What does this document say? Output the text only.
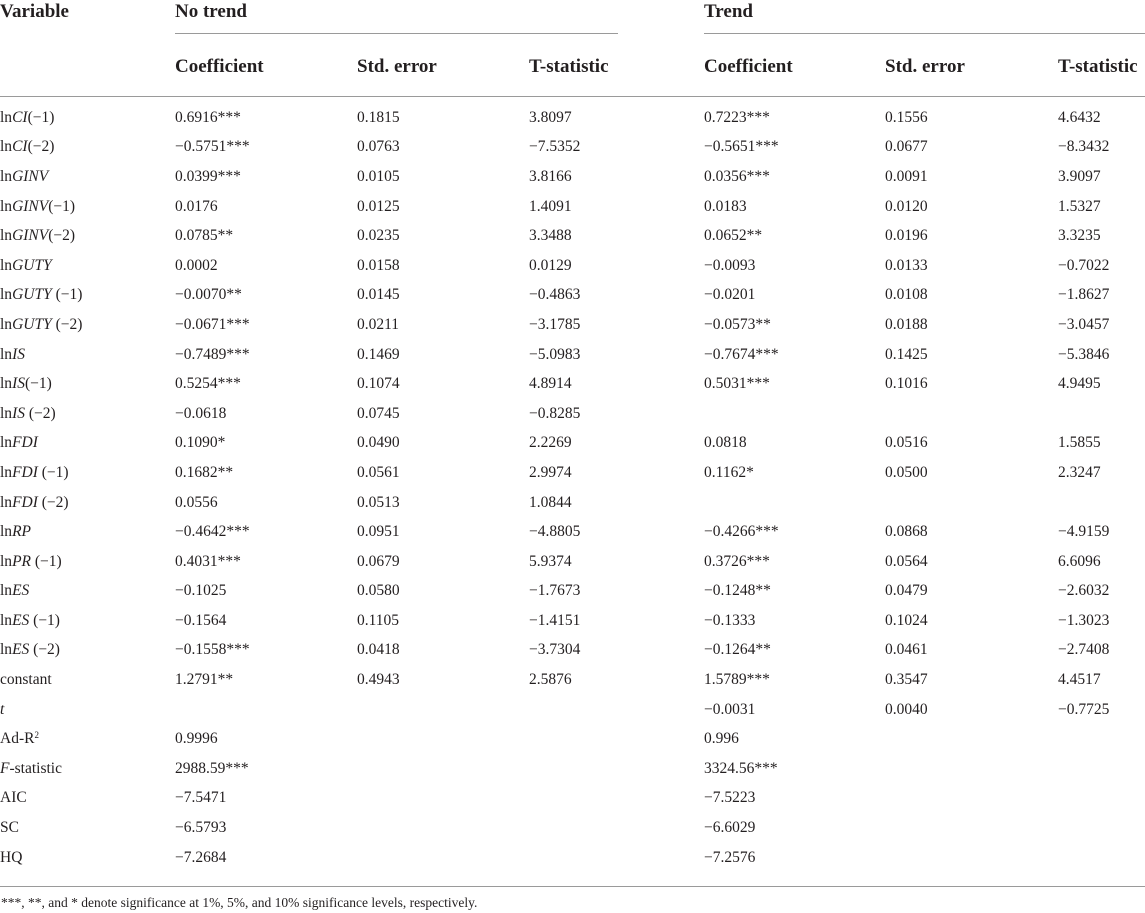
Variable	No trend				Trend		

	Coefficient	Std. error	T-statistic		Coefficient	Std. error	T-statistic
lnCI(−1)	0.6916***	0.1815	3.8097		0.7223***	0.1556	4.6432
lnCI(−2)	−0.5751***	0.0763	−7.5352		−0.5651***	0.0677	−8.3432
lnGINV	0.0399***	0.0105	3.8166		0.0356***	0.0091	3.9097
lnGINV(−1)	0.0176	0.0125	1.4091		0.0183	0.0120	1.5327
lnGINV(−2)	0.0785**	0.0235	3.3488		0.0652**	0.0196	3.3235
lnGUTY	0.0002	0.0158	0.0129		−0.0093	0.0133	−0.7022
lnGUTY (−1)	−0.0070**	0.0145	−0.4863		−0.0201	0.0108	−1.8627
lnGUTY (−2)	−0.0671***	0.0211	−3.1785		−0.0573**	0.0188	−3.0457
lnIS	−0.7489***	0.1469	−5.0983		−0.7674***	0.1425	−5.3846
lnIS(−1)	0.5254***	0.1074	4.8914		0.5031***	0.1016	4.9495
lnIS (−2)	−0.0618	0.0745	−0.8285				
lnFDI	0.1090*	0.0490	2.2269		0.0818	0.0516	1.5855
lnFDI (−1)	0.1682**	0.0561	2.9974		0.1162*	0.0500	2.3247
lnFDI (−2)	0.0556	0.0513	1.0844				
lnRP	−0.4642***	0.0951	−4.8805		−0.4266***	0.0868	−4.9159
lnPR (−1)	0.4031***	0.0679	5.9374		0.3726***	0.0564	6.6096
lnES	−0.1025	0.0580	−1.7673		−0.1248**	0.0479	−2.6032
lnES (−1)	−0.1564	0.1105	−1.4151		−0.1333	0.1024	−1.3023
lnES (−2)	−0.1558***	0.0418	−3.7304		−0.1264**	0.0461	−2.7408
constant	1.2791**	0.4943	2.5876		1.5789***	0.3547	4.4517
t					−0.0031	0.0040	−0.7725
$Ad-R^2$	0.9996				0.996		
F-statistic	2988.59***				3324.56***		
AIC	−7.5471				−7.5223		
SC	−6.5793				−6.6029		
HQ	−7.2684				−7.2576		
***, **, and * denote significance at 1%, 5%, and 10% significance levels, respectively.
